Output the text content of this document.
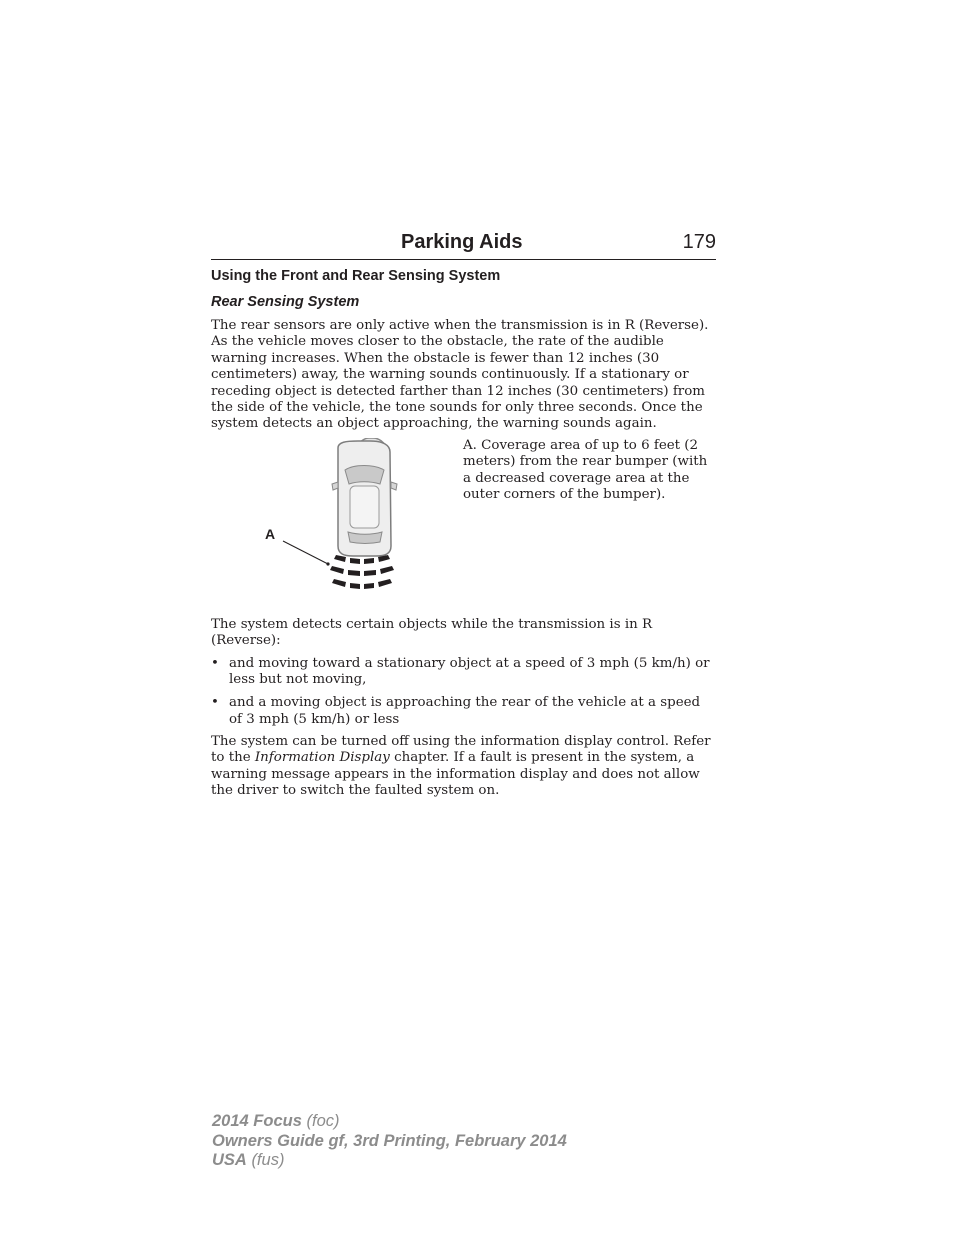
Parking Aids	179
Using the Front and Rear Sensing System
Rear Sensing System

The rear sensors are only active when the transmission is in R (Reverse). As the vehicle moves closer to the obstacle, the rate of the audible warning increases. When the obstacle is fewer than 12 inches (30 centimeters) away, the warning sounds continuously. If a stationary or receding object is detected farther than 12 inches (30 centimeters) from the side of the vehicle, the tone sounds for only three seconds. Once the system detects an object approaching, the warning sounds again.

A

A. Coverage area of up to 6 feet (2 meters) from the rear bumper (with a decreased coverage area at the outer corners of the bumper).

The system detects certain objects while the transmission is in R (Reverse):

• and moving toward a stationary object at a speed of 3 mph (5 km/h) or less but not moving,
• and a moving object is approaching the rear of the vehicle at a speed of 3 mph (5 km/h) or less

The system can be turned off using the information display control. Refer to the Information Display chapter. If a fault is present in the system, a warning message appears in the information display and does not allow the driver to switch the faulted system on.

2014 Focus (foc)
Owners Guide gf, 3rd Printing, February 2014
USA (fus)
